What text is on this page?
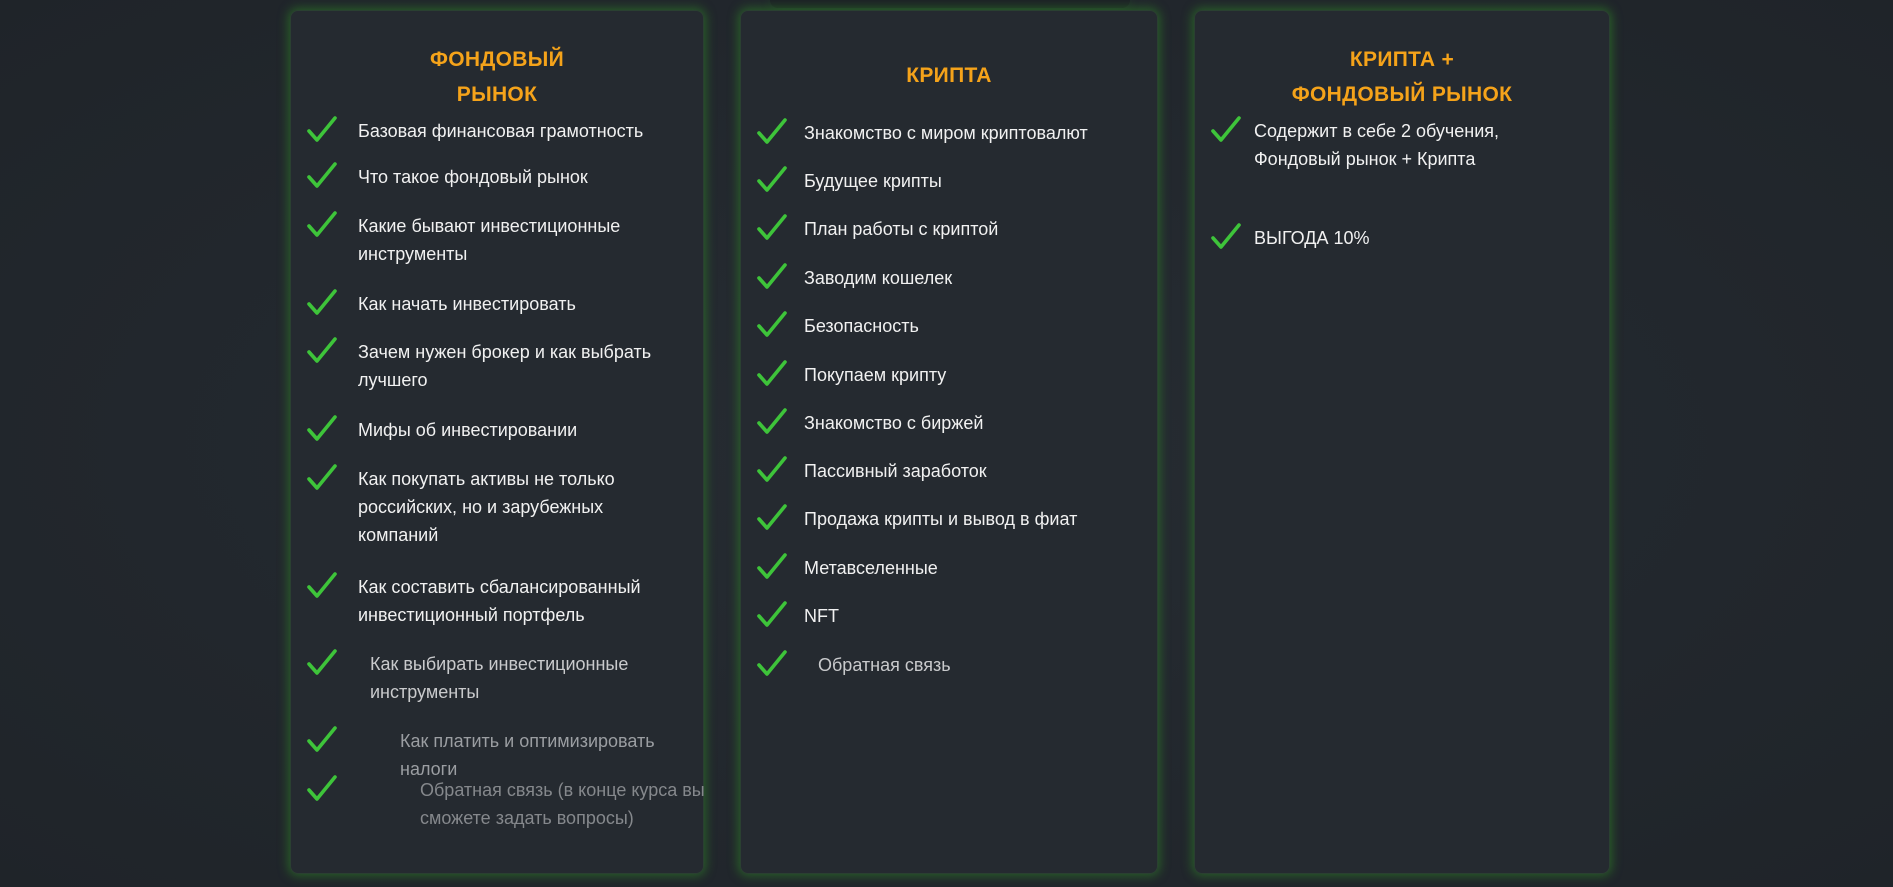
ФОНДОВЫЙ
РЫНОК
Базовая финансовая грамотность
Что такое фондовый рынок
Какие бывают инвестиционные инструменты
Как начать инвестировать
Зачем нужен брокер и как выбрать лучшего
Мифы об инвестировании
Как покупать активы не только российских, но и зарубежных компаний
Как составить сбалансированный инвестиционный портфель
Как выбирать инвестиционные инструменты
Как платить и оптимизировать налоги
Обратная связь (в конце курса вы сможете задать вопросы)
КРИПТА
Знакомство с миром криптовалют
Будущее крипты
План работы с криптой
Заводим кошелек
Безопасность
Покупаем крипту
Знакомство с биржей
Пассивный заработок
Продажа крипты и вывод в фиат
Метавселенные
NFT
Обратная связь
КРИПТА +
ФОНДОВЫЙ РЫНОК
Содержит в себе 2 обучения, Фондовый рынок + Крипта
ВЫГОДА 10%
